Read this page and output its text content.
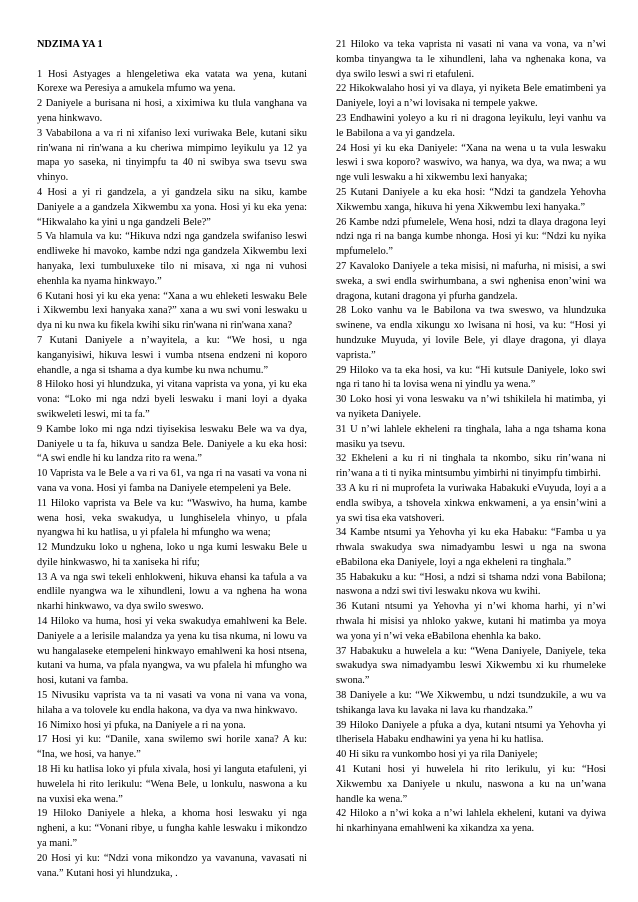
NDZIMA YA 1

1 Hosi Astyages a hlengeletiwa eka vatata wa yena, kutani Korexe wa Peresiya a amukela mfumo wa yena.

2 Daniyele a burisana ni hosi, a xiximiwa ku tlula vanghana va yena hinkwavo.

3 Vababilona a va ri ni xifaniso lexi vuriwaka Bele, kutani siku rin'wana ni rin'wana a ku cheriwa mimpimo leyikulu ya 12 ya mapa yo saseka, ni tinyimpfu ta 40 ni swibya swa tsevu swa vhinyo.

4 Hosi a yi ri gandzela, a yi gandzela siku na siku, kambe Daniyele a a gandzela Xikwembu xa yona. Hosi yi ku eka yena: “Hikwalaho ka yini u nga gandzeli Bele?”

5 Va hlamula va ku: “Hikuva ndzi nga gandzela swifaniso leswi endliweke hi mavoko, kambe ndzi nga gandzela Xikwembu lexi hanyaka, lexi tumbuluxeke tilo ni misava, xi nga ni vuhosi ehenhla ka nyama hinkwayo.”

6 Kutani hosi yi ku eka yena: “Xana a wu ehleketi leswaku Bele i Xikwembu lexi hanyaka xana?” xana a wu swi voni leswaku u dya ni ku nwa ku fikela kwihi siku rin'wana ni rin'wana xana?

7 Kutani Daniyele a n’wayitela, a ku: “We hosi, u nga kanganyisiwi, hikuva leswi i vumba ntsena endzeni ni koporo ehandle, a nga si tshama a dya kumbe ku nwa nchumu.”

8 Hiloko hosi yi hlundzuka, yi vitana vaprista va yona, yi ku eka vona: “Loko mi nga ndzi byeli leswaku i mani loyi a dyaka swikweleti leswi, mi ta fa.”

9 Kambe loko mi nga ndzi tiyisekisa leswaku Bele wa va dya, Daniyele u ta fa, hikuva u sandza Bele. Daniyele a ku eka hosi: “A swi endle hi ku landza rito ra wena.”

10 Vaprista va le Bele a va ri va 61, va nga ri na vasati va vona ni vana va vona. Hosi yi famba na Daniyele etempeleni ya Bele.

11 Hiloko vaprista va Bele va ku: “Waswivo, ha huma, kambe wena hosi, veka swakudya, u lunghiselela vhinyo, u pfala nyangwa hi ku hatlisa, u yi pfalela hi mfungho wa wena;

12 Mundzuku loko u nghena, loko u nga kumi leswaku Bele u dyile hinkwaswo, hi ta xaniseka hi rifu;

13 A va nga swi tekeli enhlokweni, hikuva ehansi ka tafula a va endlile nyangwa wa le xihundleni, lowu a va nghena ha wona nkarhi hinkwawo, va dya swilo sweswo.

14 Hiloko va huma, hosi yi veka swakudya emahlweni ka Bele. Daniyele a a lerisile malandza ya yena ku tisa nkuma, ni lowu va wu hangalaseke etempeleni hinkwayo emahlweni ka hosi ntsena, kutani va huma, va pfala nyangwa, va wu pfalela hi mfungho wa hosi, kutani va famba.

15 Nivusiku vaprista va ta ni vasati va vona ni vana va vona, hilaha a va tolovele ku endla hakona, va dya va nwa hinkwavo.

16 Nimixo hosi yi pfuka, na Daniyele a ri na yona.

17 Hosi yi ku: “Danile, xana swilemo swi horile xana? A ku: “Ina, we hosi, va hanye.”

18 Hi ku hatlisa loko yi pfula xivala, hosi yi languta etafuleni, yi huwelela hi rito lerikulu: “Wena Bele, u lonkulu, naswona a ku na vuxisi eka wena.”

19 Hiloko Daniyele a hleka, a khoma hosi leswaku yi nga ngheni, a ku: “Vonani ribye, u fungha kahle leswaku i mikondzo ya mani.”

20 Hosi yi ku: “Ndzi vona mikondzo ya vavanuna, vavasati ni vana.” Kutani hosi yi hlundzuka, .

21 Hiloko va teka vaprista ni vasati ni vana va vona, va n’wi komba tinyangwa ta le xihundleni, laha va nghenaka kona, va dya swilo leswi a swi ri etafuleni.

22 Hikokwalaho hosi yi va dlaya, yi nyiketa Bele ematimbeni ya Daniyele, loyi a n’wi lovisaka ni tempele yakwe.

23 Endhawini yoleyo a ku ri ni dragona leyikulu, leyi vanhu va le Babilona a va yi gandzela.

24 Hosi yi ku eka Daniyele: “Xana na wena u ta vula leswaku leswi i swa koporo? waswivo, wa hanya, wa dya, wa nwa; a wu nge vuli leswaku a hi xikwembu lexi hanyaka;

25 Kutani Daniyele a ku eka hosi: “Ndzi ta gandzela Yehovha Xikwembu xanga, hikuva hi yena Xikwembu lexi hanyaka.”

26 Kambe ndzi pfumelele, Wena hosi, ndzi ta dlaya dragona leyi ndzi nga ri na banga kumbe nhonga. Hosi yi ku: “Ndzi ku nyika mpfumelelo.”

27 Kavaloko Daniyele a teka misisi, ni mafurha, ni misisi, a swi sweka, a swi endla swirhumbana, a swi nghenisa enon’wini wa dragona, kutani dragona yi pfurha gandzela.

28 Loko vanhu va le Babilona va twa sweswo, va hlundzuka swinene, va endla xikungu xo lwisana ni hosi, va ku: “Hosi yi hundzuke Muyuda, yi lovile Bele, yi dlaye dragona, yi dlaya vaprista.”

29 Hiloko va ta eka hosi, va ku: “Hi kutsule Daniyele, loko swi nga ri tano hi ta lovisa wena ni yindlu ya wena.”

30 Loko hosi yi vona leswaku va n’wi tshikilela hi matimba, yi va nyiketa Daniyele.

31 U n’wi lahlele ekheleni ra tinghala, laha a nga tshama kona masiku ya tsevu.

32 Ekheleni a ku ri ni tinghala ta nkombo, siku rin’wana ni rin’wana a ti ti nyika mintsumbu yimbirhi ni tinyimpfu timbirhi.

33 A ku ri ni muprofeta la vuriwaka Habakuki eVuyuda, loyi a a endla swibya, a tshovela xinkwa enkwameni, a ya ensin’wini a ya swi tisa eka vatshoveri.

34 Kambe ntsumi ya Yehovha yi ku eka Habaku: “Famba u ya rhwala swakudya swa nimadyambu leswi u nga na swona eBabilona eka Daniyele, loyi a nga ekheleni ra tinghala.”

35 Habakuku a ku: “Hosi, a ndzi si tshama ndzi vona Babilona; naswona a ndzi swi tivi leswaku nkova wu kwihi.

36 Kutani ntsumi ya Yehovha yi n’wi khoma harhi, yi n’wi rhwala hi misisi ya nhloko yakwe, kutani hi matimba ya moya wa yona yi n’wi veka eBabilona ehenhla ka bako.

37 Habakuku a huwelela a ku: “Wena Daniyele, Daniyele, teka swakudya swa nimadyambu leswi Xikwembu xi ku rhumeleke swona.”

38 Daniyele a ku: “We Xikwembu, u ndzi tsundzukile, a wu va tshikanga lava ku lavaka ni lava ku rhandzaka.”

39 Hiloko Daniyele a pfuka a dya, kutani ntsumi ya Yehovha yi tlherisela Habaku endhawini ya yena hi ku hatlisa.

40 Hi siku ra vunkombo hosi yi ya rila Daniyele;

41 Kutani hosi yi huwelela hi rito lerikulu, yi ku: “Hosi Xikwembu xa Daniyele u nkulu, naswona a ku na un’wana handle ka wena.”

42 Hiloko a n’wi koka a n’wi lahlela ekheleni, kutani va dyiwa hi nkarhinyana emahlweni ka xikandza xa yena.
